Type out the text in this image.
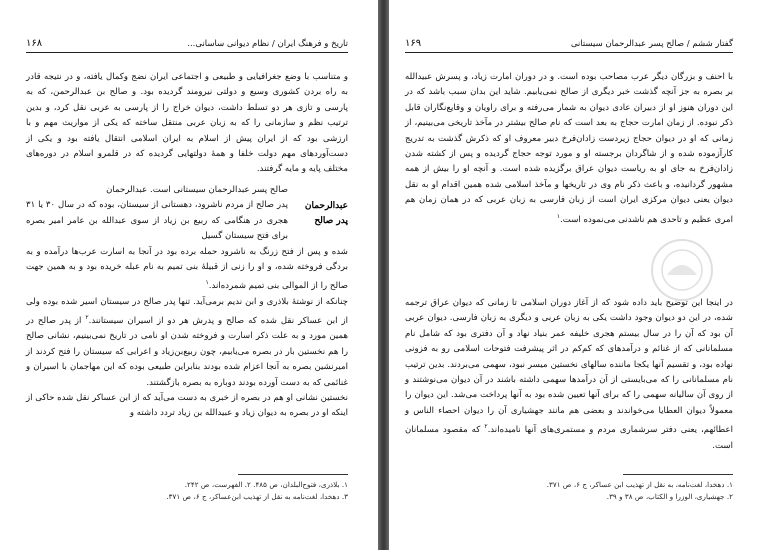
تاریخ و فرهنگ ایران / نظام دیوانی ساسانی...
۱۶۸

و متناسب با وضع جغرافیایی و طبیعی و اجتماعی ایران نضج وکمال یافته، و در نتیجه قادر به راه بردن کشوری وسیع و دولتی نیرومند گردیده بود. و صالح بن عبدالرحمن، که به پارسی و تازی هر دو تسلط داشت، دیوان خراج را از پارسی به عربی نقل کرد، و بدین ترتیب نظم و سازمانی را که به زبان عربی منتقل ساخته که یکی از مواریث مهم و با ارزشی بود که از ایران پیش از اسلام به ایران اسلامی انتقال یافته بود و یکی از دست‌آوردهای مهم دولت خلفا و همهٔ دولتهایی گردیده که در قلمرو اسلام در دوره‌های مختلف پایه و مایه گرفتند.

عبدالرحمان
پدر صالح
صالح پسر عبدالرحمان سیستانی است. عبدالرحمان
پدر صالح از مردم ناشرود، دهستانی از سیستان، بوده که در سال ۳۰ یا ۳۱ هجری در هنگامی که ربیع بن زیاد از سوی عبدالله بن عامر امیر بصره برای فتح سیستان گسیل
شده و پس از فتح زرنگ به ناشرود حمله برده بود در آنجا به اسارت عرب‌ها درآمده و به بردگی فروخته شده، و او را زنی از قبیلهٔ بنی تمیم به نام عبله خریده بود و به همین جهت صالح را از الموالی بنی تمیم شمرده‌اند.$^۱$
چنانکه از نوشتهٔ بلاذری و ابن ندیم برمی‌آید. تنها پدر صالح در سیستان اسیر شده بوده ولی از ابن عساکر نقل شده که صالح و پدرش هر دو از اسیران سیستانند.$^۲$ از پدر صالح در همین مورد و به علت ذکر اسارت و فروخته شدن او نامی در تاریخ نمی‌بینیم، نشانی صالح را هم نخستین بار در بصره می‌یابیم، چون ربیع‌بن‌زیاد و اعرابی که سیستان را فتح کردند از امیرنشین بصره به آنجا اعزام شده بودند بنابراین طبیعی بوده که این مهاجمان با اسیران و غنائمی که به دست آورده بودند دوباره به بصره بازگشتند.
نخستین نشانی او هم در بصره از خبری به دست می‌آید که از ابن عساکر نقل شده حاکی از اینکه او در بصره به دیوان زیاد و عبیدالله بن زیاد تردد داشته و
۱. بلاذری، فتوح‌البلدان، ص ۴۸۵. ۲. الفهرست، ص ۲۴۲.
۳. دهخدا، لغت‌نامه به نقل از تهذیب ابن‌عساکر، ج ۶، ص ۳۷۱.
گفتار ششم / صالح پسر عبدالرحمان سیستانی
۱۶۹

با احنف و بزرگان دیگر عرب مصاحب بوده است. و در دوران امارت زیاد، و پسرش عبیدالله بر بصره به جز آنچه گذشت خبر دیگری از صالح نمی‌یابیم. شاید این بدان سبب باشد که در این دوران هنوز او از دبیران عادی دیوان به شمار می‌رفته و برای راویان و وقایع‌نگاران قابل ذکر نبوده. از زمان امارت حجاج به بعد است که نام صالح بیشتر در مآخذ تاریخی می‌بینیم، از زمانی که او در دیوان حجاج زیردست زادان‌فرخ دبیر معروف او که ذکرش گذشت به تدریج کارآزموده شده و از شاگردان برجسته او و مورد توجه حجاج گردیده و پس از کشته شدن زادان‌فرخ به جای او به ریاست دیوان عراق برگزیده شده است. و آنچه او را بیش از همه مشهور گردانیده، و باعث ذکر نام وی در تاریخها و مآخذ اسلامی شده همین اقدام او به نقل دیوان یعنی دیوان مرکزی ایران است از زبان فارسی به زبان عربی که در همان زمان هم امری عظیم و تاحدی هم ناشدنی می‌نموده است.$^۱$

در اینجا این توضیح باید داده شود که از آغاز دوران اسلامی تا زمانی که دیوان عراق ترجمه شده، در این دو دیوان وجود داشت یکی به زبان عربی و دیگری به زبان فارسی. دیوان عربی آن بود که آن را در سال بیستم هجری خلیفه عمر بنیاد نهاد و آن دفتری بود که شامل نام مسلمانانی که از غنائم و درآمدهای که کم‌کم در اثر پیشرفت فتوحات اسلامی رو به فزونی نهاده بود، و تقسیم آنها یکجا ماننده سالهای نخستین میسر نبود، سهمی می‌بردند. بدین ترتیب نام مسلمانانی را که می‌بایستی از آن درآمدها سهمی داشته باشند در آن دیوان می‌نوشتند و از روی آن سالیانه سهمی را که برای آنها تعیین شده بود به آنها پرداخت می‌شد. این دیوان را معمولاً دیوان العطایا می‌خواندند و بعضی هم مانند جهشیاری آن را دیوان احصاء الناس و اعطائهم، یعنی دفتر سرشماری مردم و مستمری‌های آنها نامیده‌اند.$^۲$ که مقصود مسلمانان است.

۱. دهخدا، لغت‌نامه، به نقل از تهذیب ابن عساکر، ج ۶، ص ۳۷۱.
۲. جهشیاری، الوزرا و الکتاب، ص ۳۸ و ۳۹.
